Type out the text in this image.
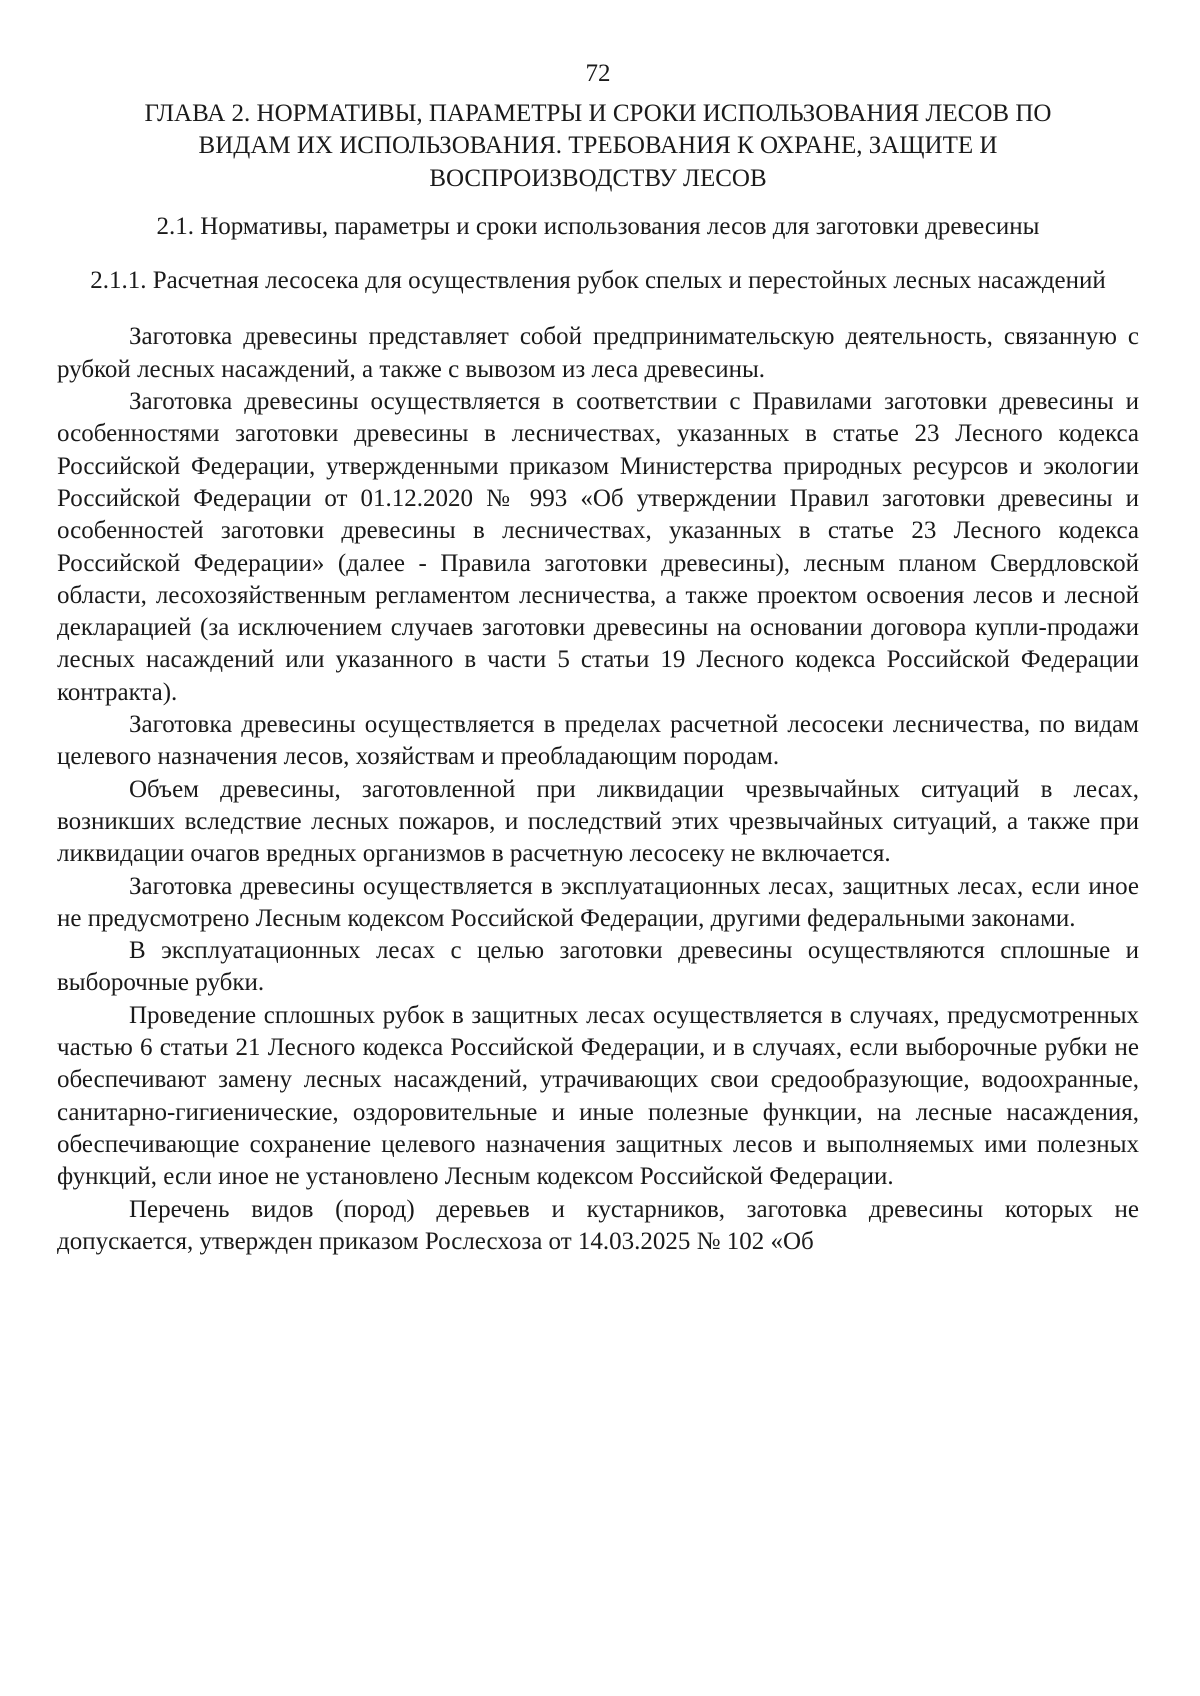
72
ГЛАВА 2. НОРМАТИВЫ, ПАРАМЕТРЫ И СРОКИ ИСПОЛЬЗОВАНИЯ ЛЕСОВ ПО ВИДАМ ИХ ИСПОЛЬЗОВАНИЯ. ТРЕБОВАНИЯ К ОХРАНЕ, ЗАЩИТЕ И ВОСПРОИЗВОДСТВУ ЛЕСОВ
2.1. Нормативы, параметры и сроки использования лесов для заготовки древесины
2.1.1. Расчетная лесосека для осуществления рубок спелых и перестойных лесных насаждений

Заготовка древесины представляет собой предпринимательскую деятельность, связанную с рубкой лесных насаждений, а также с вывозом из леса древесины.

Заготовка древесины осуществляется в соответствии с Правилами заготовки древесины и особенностями заготовки древесины в лесничествах, указанных в статье 23 Лесного кодекса Российской Федерации, утвержденными приказом Министерства природных ресурсов и экологии Российской Федерации от 01.12.2020 № 993 «Об утверждении Правил заготовки древесины и особенностей заготовки древесины в лесничествах, указанных в статье 23 Лесного кодекса Российской Федерации» (далее - Правила заготовки древесины), лесным планом Свердловской области, лесохозяйственным регламентом лесничества, а также проектом освоения лесов и лесной декларацией (за исключением случаев заготовки древесины на основании договора купли-продажи лесных насаждений или указанного в части 5 статьи 19 Лесного кодекса Российской Федерации контракта).

Заготовка древесины осуществляется в пределах расчетной лесосеки лесничества, по видам целевого назначения лесов, хозяйствам и преобладающим породам.

Объем древесины, заготовленной при ликвидации чрезвычайных ситуаций в лесах, возникших вследствие лесных пожаров, и последствий этих чрезвычайных ситуаций, а также при ликвидации очагов вредных организмов в расчетную лесосеку не включается.

Заготовка древесины осуществляется в эксплуатационных лесах, защитных лесах, если иное не предусмотрено Лесным кодексом Российской Федерации, другими федеральными законами.

В эксплуатационных лесах с целью заготовки древесины осуществляются сплошные и выборочные рубки.

Проведение сплошных рубок в защитных лесах осуществляется в случаях, предусмотренных частью 6 статьи 21 Лесного кодекса Российской Федерации, и в случаях, если выборочные рубки не обеспечивают замену лесных насаждений, утрачивающих свои средообразующие, водоохранные, санитарно-гигиенические, оздоровительные и иные полезные функции, на лесные насаждения, обеспечивающие сохранение целевого назначения защитных лесов и выполняемых ими полезных функций, если иное не установлено Лесным кодексом Российской Федерации.

Перечень видов (пород) деревьев и кустарников, заготовка древесины которых не допускается, утвержден приказом Рослесхоза от 14.03.2025 № 102 «Об
